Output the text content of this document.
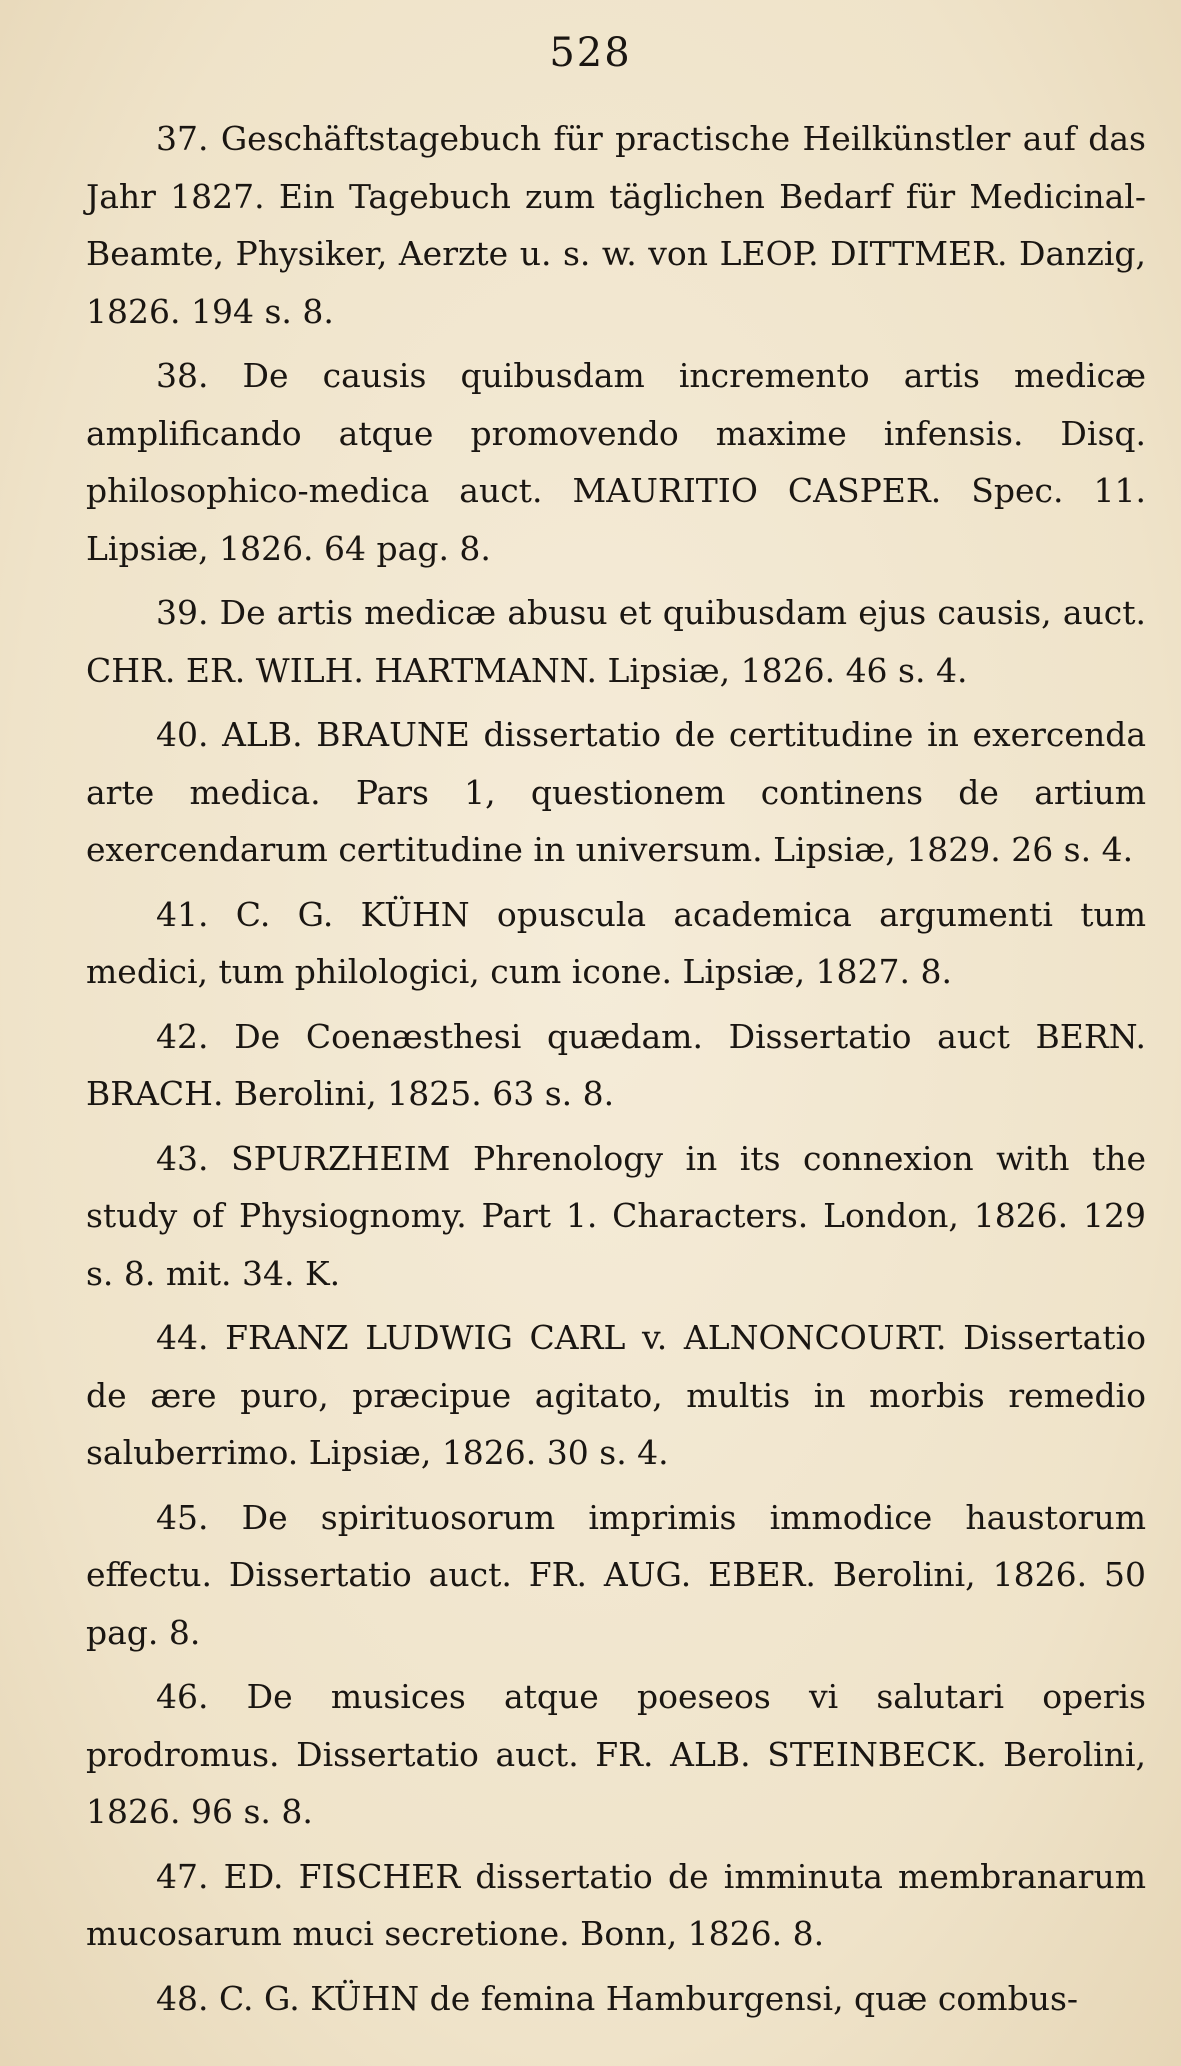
528

37. Geschäftstagebuch für practische Heilkünstler auf das Jahr 1827. Ein Tagebuch zum täglichen Bedarf für Medicinal-Beamte, Physiker, Aerzte u. s. w. von LEOP. DITTMER. Danzig, 1826. 194 s. 8.

38. De causis quibusdam incremento artis medicæ amplificando atque promovendo maxime infensis. Disq. philosophico-medica auct. MAURITIO CASPER. Spec. 11. Lipsiæ, 1826. 64 pag. 8.

39. De artis medicæ abusu et quibusdam ejus causis, auct. CHR. ER. WILH. HARTMANN. Lipsiæ, 1826. 46 s. 4.

40. ALB. BRAUNE dissertatio de certitudine in exercenda arte medica. Pars 1, questionem continens de artium exercendarum certitudine in universum. Lipsiæ, 1829. 26 s. 4.

41. C. G. KÜHN opuscula academica argumenti tum medici, tum philologici, cum icone. Lipsiæ, 1827. 8.

42. De Coenæsthesi quædam. Dissertatio auct BERN. BRACH. Berolini, 1825. 63 s. 8.

43. SPURZHEIM Phrenology in its connexion with the study of Physiognomy. Part 1. Characters. London, 1826. 129 s. 8. mit. 34. K.

44. FRANZ LUDWIG CARL v. ALNONCOURT. Dissertatio de ære puro, præcipue agitato, multis in morbis remedio saluberrimo. Lipsiæ, 1826. 30 s. 4.

45. De spirituosorum imprimis immodice haustorum effectu. Dissertatio auct. FR. AUG. EBER. Berolini, 1826. 50 pag. 8.

46. De musices atque poeseos vi salutari operis prodromus. Dissertatio auct. FR. ALB. STEINBECK. Berolini, 1826. 96 s. 8.

47. ED. FISCHER dissertatio de imminuta membranarum mucosarum muci secretione. Bonn, 1826. 8.

48. C. G. KÜHN de femina Hamburgensi, quæ combus-
